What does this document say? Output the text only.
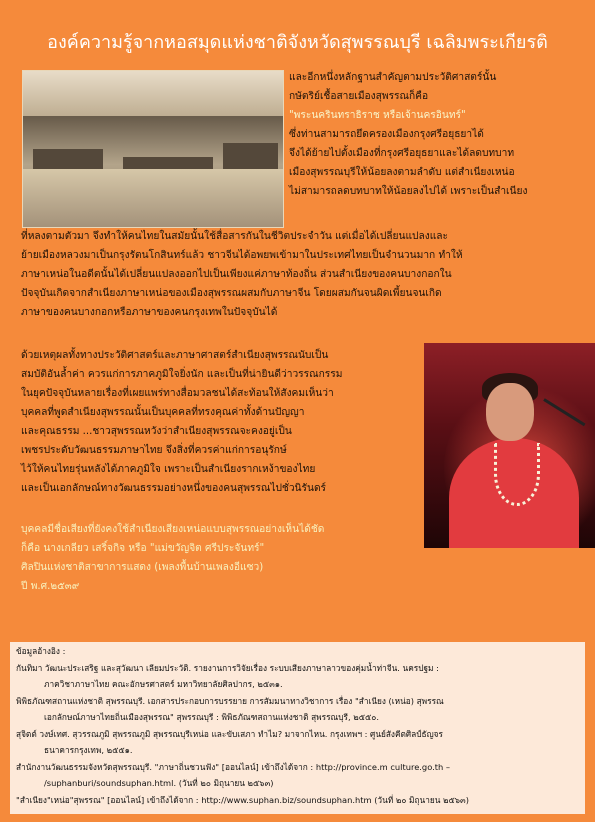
องค์ความรู้จากหอสมุดแห่งชาติจังหวัดสุพรรณบุรี เฉลิมพระเกียรติ
และอีกหนึ่งหลักฐานสำคัญตามประวัติศาสตร์นั้น
กษัตริย์เชื้อสายเมืองสุพรรณก็คือ
"พระนครินทราธิราช หรือเจ้านครอินทร์"
ซึ่งท่านสามารถยึดครองเมืองกรุงศรีอยุธยาได้
จึงได้ย้ายไปตั้งเมืองที่กรุงศรีอยุธยาและได้ลดบทบาท
เมืองสุพรรณบุรีให้น้อยลงตามลำดับ แต่สำเนียงเหน่อ
ไม่สามารถลดบทบาทให้น้อยลงไปได้ เพราะเป็นสำเนียง
ที่หลงตามตัวมา จึงทำให้คนไทยในสมัยนั้นใช้สื่อสารกันในชีวิตประจำวัน แต่เมื่อได้เปลี่ยนแปลงและ
ย้ายเมืองหลวงมาเป็นกรุงรัตนโกสินทร์แล้ว ชาวจีนได้อพยพเข้ามาในประเทศไทยเป็นจำนวนมาก ทำให้
ภาษาเหน่อในอดีตนั้นได้เปลี่ยนแปลงออกไปเป็นเพียงแค่ภาษาท้องถิ่น ส่วนสำเนียงของคนบางกอกใน
ปัจจุบันเกิดจากสำเนียงภาษาเหน่อของเมืองสุพรรณผสมกับภาษาจีน โดยผสมกันจนผิดเพี้ยนจนเกิด
ภาษาของคนบางกอกหรือภาษาของคนกรุงเทพในปัจจุบันได้
ด้วยเหตุผลทั้งทางประวัติศาสตร์และภาษาศาสตร์สำเนียงสุพรรณนับเป็น
สมบัติอันล้ำค่า ควรแก่การภาคภูมิใจยิ่งนัก และเป็นที่น่ายินดีว่าวรรณกรรม
ในยุคปัจจุบันหลายเรื่องที่เผยแพร่ทางสื่อมวลชนได้สะท้อนให้สังคมเห็นว่า
บุคคลที่พูดสำเนียงสุพรรณนั้นเป็นบุคคลที่ทรงคุณค่าทั้งด้านปัญญา
และคุณธรรม ...ชาวสุพรรณหวังว่าสำเนียงสุพรรณจะคงอยู่เป็น
เพชรประดับวัฒนธรรมภาษาไทย จึงสิ่งที่ควรค่าแก่การอนุรักษ์
ไว้ให้คนไทยรุ่นหลังได้ภาคภูมิใจ เพราะเป็นสำเนียงรากเหง้าของไทย
และเป็นเอกลักษณ์ทางวัฒนธรรมอย่างหนึ่งของคนสุพรรณไปชั่วนิรันดร์
บุคคลมีชื่อเสียงที่ยังคงใช้สำเนียงเสียงเหน่อแบบสุพรรณอย่างเห็นได้ชัด
ก็คือ นางเกลียว เสริ์จกิจ หรือ "แม่ขวัญจิต ศรีประจันทร์"
ศิลปินแห่งชาติสาขาการแสดง (เพลงพื้นบ้านเพลงอีแซว)
ปี พ.ศ.๒๕๓๙
ข้อมูลอ้างอิง :
กันทิมา วัฒนะประเสริฐ และสุวัฒนา เลียมประวัติ. รายงานการวิจัยเรื่อง ระบบเสียงภาษาลาวของคุ่มน้ำท่าจีน. นครปฐม :
ภาควิชาภาษาไทย คณะอักษรศาสตร์ มหาวิทยาลัยศิลปากร, ๒๕๓๑.
พิพิธภัณฑสถานแห่งชาติ สุพรรณบุรี. เอกสารประกอบการบรรยาย การสัมมนาทางวิชาการ เรื่อง "สำเนียง (เหน่อ) สุพรรณ
เอกลักษณ์ภาษาไทยถิ่นเมืองสุพรรณ" สุพรรณบุรี : พิพิธภัณฑสถานแห่งชาติ สุพรรณบุรี, ๒๕๕๐.
สุจิตต์ วงษ์เทศ. สุวรรณภูมิ สุพรรณภูมิ สุพรรณบุรีเหน่อ และขับเสภา ทำไม? มาจากไหน. กรุงเทพฯ : ศูนย์สังคีตศิลป์ธัญจร
ธนาคารกรุงเทพ, ๒๕๕๑.
สำนักงานวัฒนธรรมจังหวัดสุพรรณบุรี. "ภาษาถิ่นชวนฟัง" [ออนไลน์] เข้าถึงได้จาก : http://province.m culture.go.th –
/suphanburi/soundsuphan.html. (วันที่ ๒๐ มิถุนายน ๒๕๖๓)
"สำเนียง"เหน่อ"สุพรรณ" [ออนไลน์] เข้าถึงได้จาก : http://www.suphan.biz/soundsuphan.htm (วันที่ ๒๐ มิถุนายน ๒๕๖๓)
